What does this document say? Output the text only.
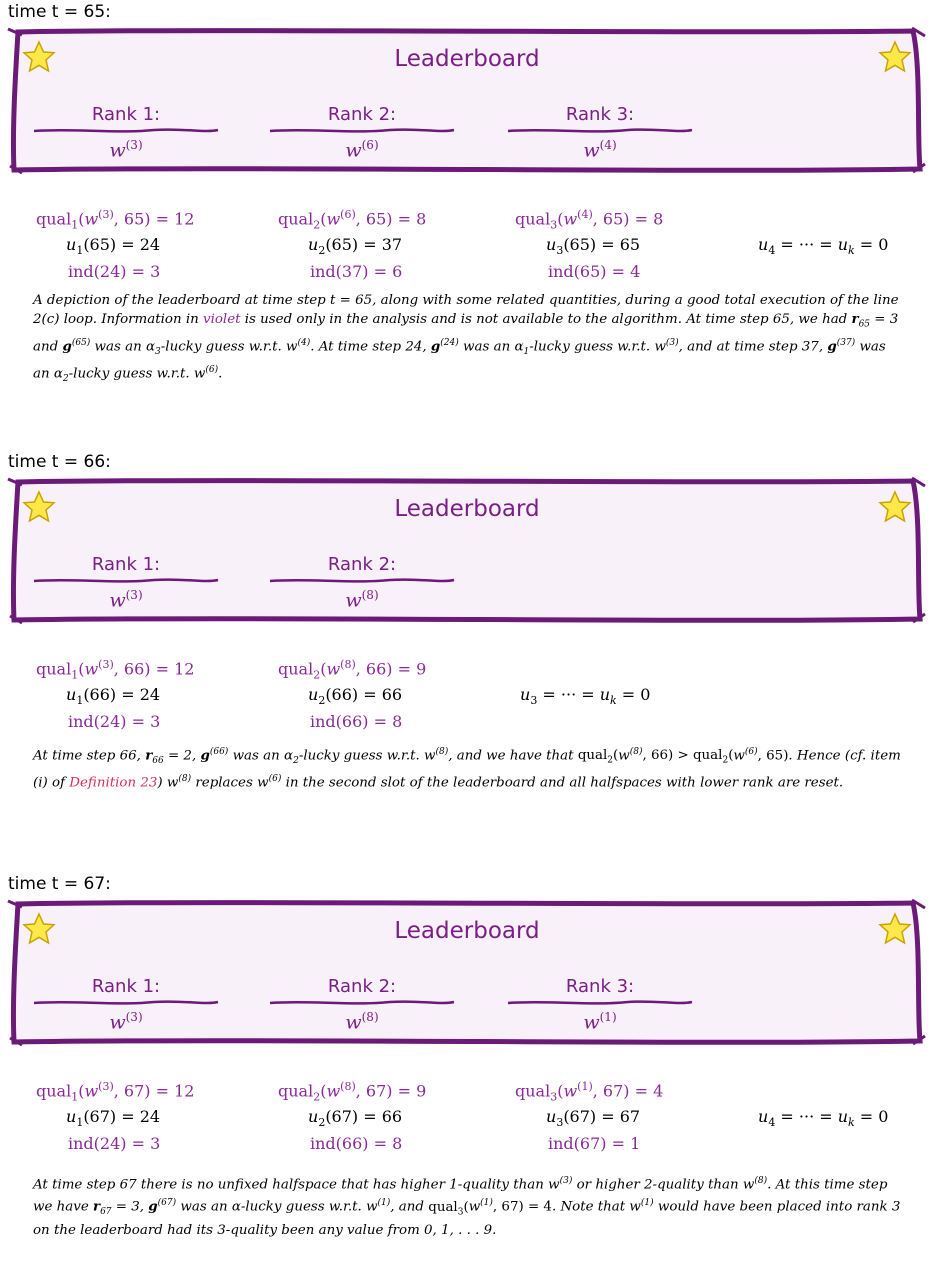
time t = 65:
Leaderboard
Rank 1:
$w^{(3)}$
Rank 2:
$w^{(6)}$
Rank 3:
$w^{(4)}$
$qual_1(w^{(3)}$, 65) = 12
$u_1(65) = 24$
ind(24) = 3
$qual_2(w^{(6)}$, 65) = 8
$u_2(65) = 37$
ind(37) = 6
$qual_3(w^{(4)}$, 65) = 8
$u_3(65) = 65$
ind(65) = 4
$u_4$ = ··· = $u_k = 0$
A depiction of the leaderboard at time step t = 65, along with some related quantities, during a good total execution of the line 2(c) loop. Information in violet is used only in the analysis and is not available to the algorithm. At time step 65, we had $r_{65} = 3$ and $g^{(65)}$ was an $\alpha_3$-lucky guess w.r.t. $w^{(4)}$. At time step 24, $g^{(24)}$ was an $\alpha_1$-lucky guess w.r.t. $w^{(3)}$, and at time step 37, $g^{(37)}$ was an $\alpha_2$-lucky guess w.r.t. $w^{(6)}$.
time t = 66:
Leaderboard
Rank 1:
$w^{(3)}$
Rank 2:
$w^{(8)}$
$qual_1(w^{(3)}$, 66) = 12
$u_1(66) = 24$
ind(24) = 3
$qual_2(w^{(8)}$, 66) = 9
$u_2(66) = 66$
ind(66) = 8
$u_3$ = ··· = $u_k = 0$
At time step 66, $r_{66} = 2$, $g^{(66)}$ was an $\alpha_2$-lucky guess w.r.t. $w^{(8)}$, and we have that $qual_2(w^{(8)}$, $66) > qual_2(w^{(6)}$, 65). Hence (cf. item (i) of Definition 23) $w^{(8)}$ replaces $w^{(6)}$ in the second slot of the leaderboard and all halfspaces with lower rank are reset.
time t = 67:
Leaderboard
Rank 1:
$w^{(3)}$
Rank 2:
$w^{(8)}$
Rank 3:
$w^{(1)}$
$qual_1(w^{(3)}$, 67) = 12
$u_1(67) = 24$
ind(24) = 3
$qual_2(w^{(8)}$, 67) = 9
$u_2(67) = 66$
ind(66) = 8
$qual_3(w^{(1)}$, 67) = 4
$u_3(67) = 67$
ind(67) = 1
$u_4$ = ··· = $u_k = 0$
At time step 67 there is no unfixed halfspace that has higher 1-quality than $w^{(3)}$ or higher 2-quality than $w^{(8)}$. At this time step we have $r_{67} = 3$, $g^{(67)}$ was an α-lucky guess w.r.t. $w^{(1)}$, and $qual_3(w^{(1)}$, 67) = 4. Note that $w^{(1)}$ would have been placed into rank 3 on the leaderboard had its 3-quality been any value from 0, 1, . . . 9.
